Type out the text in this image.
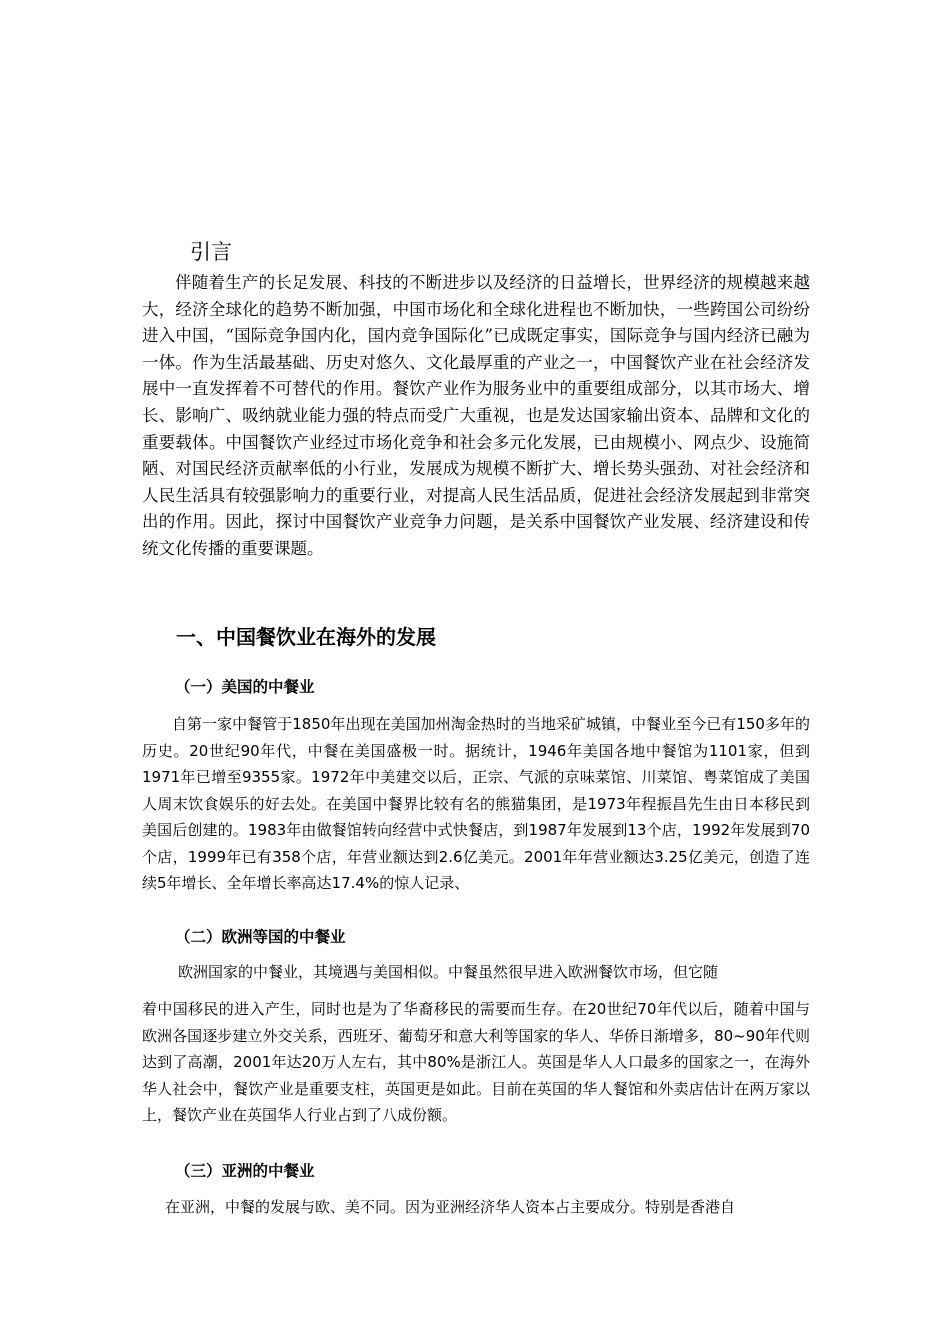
引言

伴随着生产的长足发展、科技的不断进步以及经济的日益增长，世界经济的规模越来越大，经济全球化的趋势不断加强，中国市场化和全球化进程也不断加快，一些跨国公司纷纷进入中国，“国际竞争国内化，国内竞争国际化”已成既定事实，国际竞争与国内经济已融为一体。作为生活最基础、历史对悠久、文化最厚重的产业之一，中国餐饮产业在社会经济发展中一直发挥着不可替代的作用。餐饮产业作为服务业中的重要组成部分，以其市场大、增长、影响广、吸纳就业能力强的特点而受广大重视，也是发达国家输出资本、品牌和文化的重要载体。中国餐饮产业经过市场化竞争和社会多元化发展，已由规模小、网点少、设施简陋、对国民经济贡献率低的小行业，发展成为规模不断扩大、增长势头强劲、对社会经济和人民生活具有较强影响力的重要行业，对提高人民生活品质，促进社会经济发展起到非常突出的作用。因此，探讨中国餐饮产业竞争力问题，是关系中国餐饮产业发展、经济建设和传统文化传播的重要课题。

一、中国餐饮业在海外的发展
（一）美国的中餐业

自第一家中餐管于1850年出现在美国加州淘金热时的当地采矿城镇，中餐业至今已有150多年的历史。20世纪90年代，中餐在美国盛极一时。据统计，1946年美国各地中餐馆为1101家，但到1971年已增至9355家。1972年中美建交以后，正宗、气派的京味菜馆、川菜馆、粤菜馆成了美国人周末饮食娱乐的好去处。在美国中餐界比较有名的熊猫集团，是1973年程振昌先生由日本移民到美国后创建的。1983年由做餐馆转向经营中式快餐店，到1987年发展到13个店，1992年发展到70个店，1999年已有358个店，年营业额达到2.6亿美元。2001年年营业额达3.25亿美元，创造了连续5年增长、全年增长率高达17.4%的惊人记录、

（二）欧洲等国的中餐业

欧洲国家的中餐业，其境遇与美国相似。中餐虽然很早进入欧洲餐饮市场，但它随

着中国移民的进入产生，同时也是为了华裔移民的需要而生存。在20世纪70年代以后，随着中国与欧洲各国逐步建立外交关系，西班牙、葡萄牙和意大利等国家的华人、华侨日渐增多，80~90年代则达到了高潮，2001年达20万人左右，其中80%是浙江人。英国是华人人口最多的国家之一，在海外华人社会中，餐饮产业是重要支柱，英国更是如此。目前在英国的华人餐馆和外卖店估计在两万家以上，餐饮产业在英国华人行业占到了八成份额。

（三）亚洲的中餐业

在亚洲，中餐的发展与欧、美不同。因为亚洲经济华人资本占主要成分。特别是香港自
